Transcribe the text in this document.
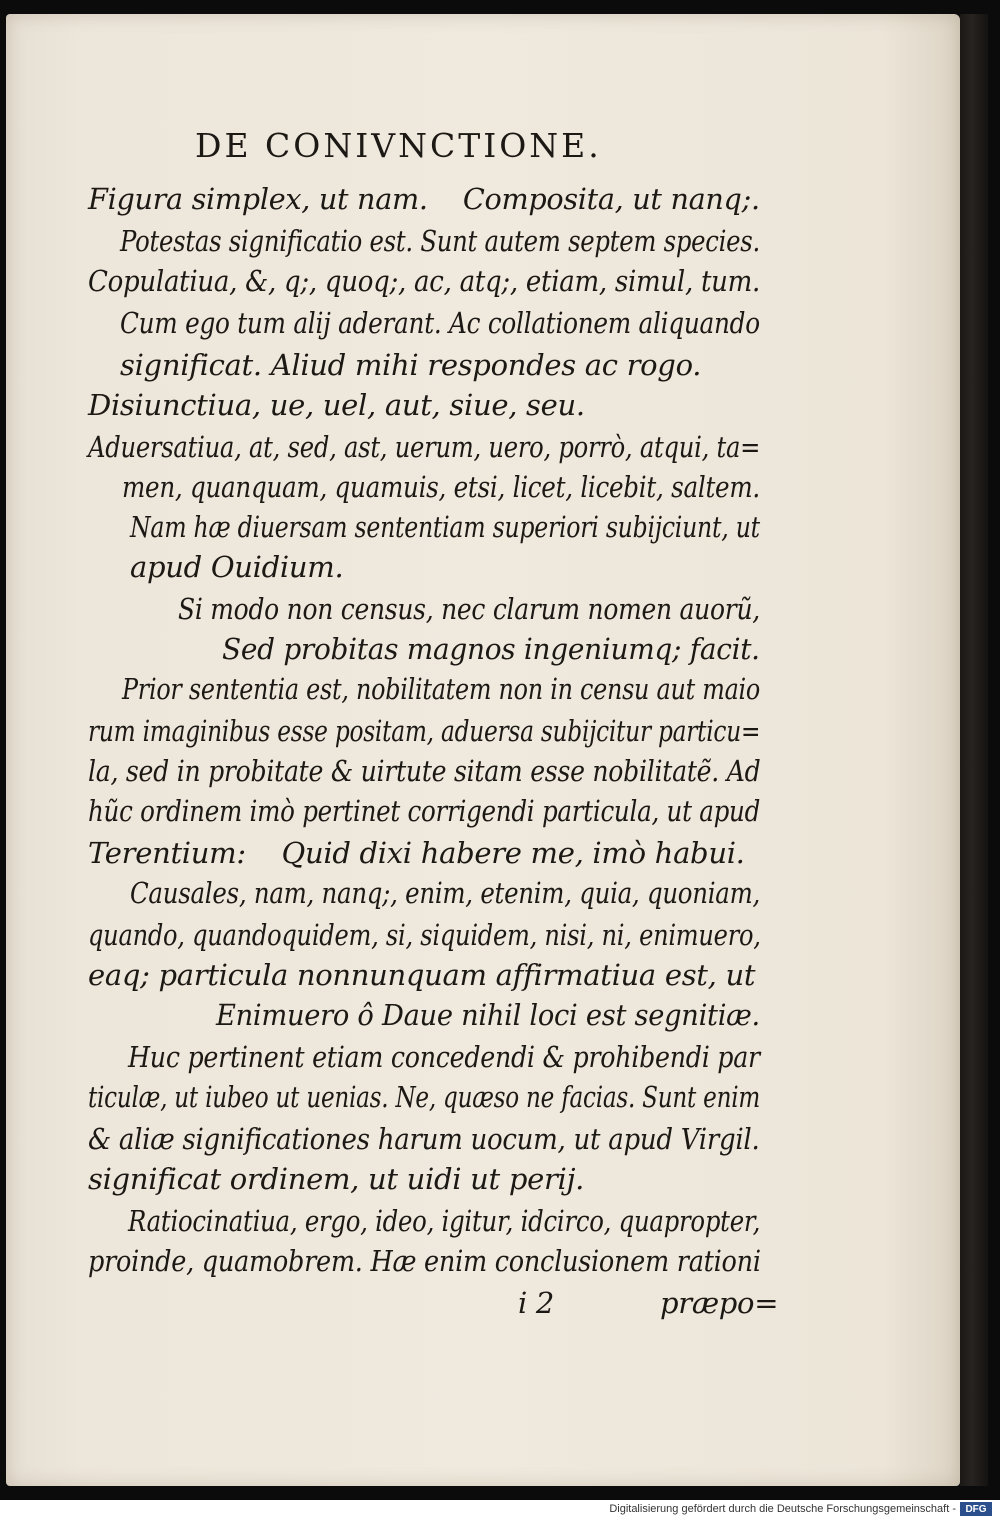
DE CONIVNCTIONE.
Figura simplex, ut nam.    Composita, ut nanq;.
Potestas significatio est. Sunt autem septem species.
Copulatiua, &, q;, quoq;, ac, atq;, etiam, simul, tum.
Cum ego tum alij aderant. Ac collationem aliquando
significat. Aliud mihi respondes ac rogo.
Disiunctiua, ue, uel, aut, siue, seu.
Aduersatiua, at, sed, ast, uerum, uero, porrò, atqui, ta=
men, quanquam, quamuis, etsi, licet, licebit, saltem.
Nam hæ diuersam sententiam superiori subijciunt, ut
apud Ouidium.
Si modo non census, nec clarum nomen auorũ,
Sed probitas magnos ingeniumq; facit.
Prior sententia est, nobilitatem non in censu aut maio
rum imaginibus esse positam, aduersa subijcitur particu=
la, sed in probitate & uirtute sitam esse nobilitatẽ. Ad
hũc ordinem imò pertinet corrigendi particula, ut apud
Terentium:    Quid dixi habere me, imò habui.
Causales, nam, nanq;, enim, etenim, quia, quoniam,
quando, quandoquidem, si, siquidem, nisi, ni, enimuero,
eaq; particula nonnunquam affirmatiua est, ut
Enimuero ô Daue nihil loci est segnitiæ.
Huc pertinent etiam concedendi & prohibendi par
ticulæ, ut iubeo ut uenias. Ne, quæso ne facias. Sunt enim
& aliæ significationes harum uocum, ut apud Virgil.
significat ordinem, ut uidi ut perij.
Ratiocinatiua, ergo, ideo, igitur, idcirco, quapropter,
proinde, quamobrem. Hæ enim conclusionem rationi
i 2	præpo=
Digitalisierung gefördert durch die Deutsche Forschungsgemeinschaft - DFG
